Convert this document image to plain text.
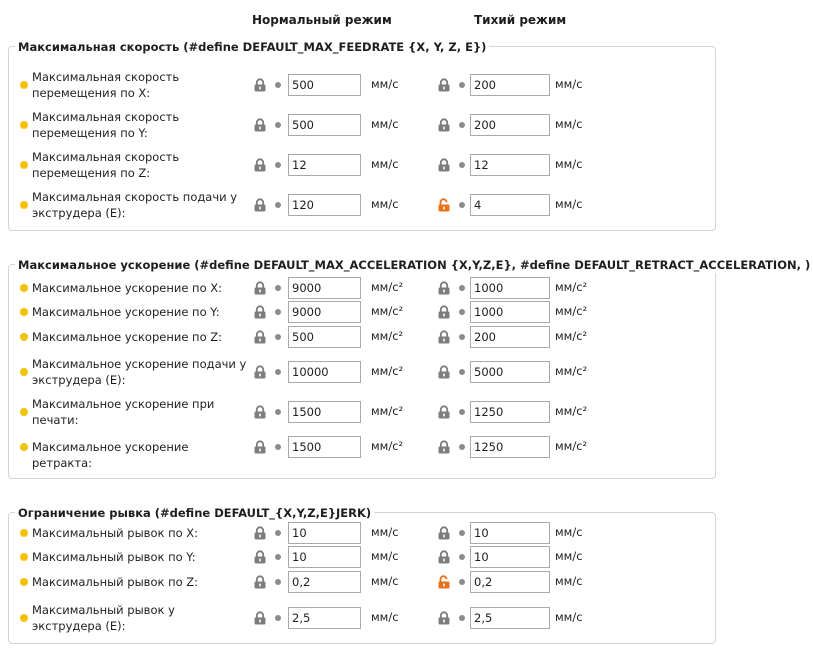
Нормальный режим	Тихий режим
Максимальная скорость (#define DEFAULT_MAX_FEEDRATE {X, Y, Z, E})
Максимальная скорость перемещения по X:
500
мм/с
200	мм/с
Максимальная скорость перемещения по Y:
500
мм/с
200	мм/с
Максимальная скорость перемещения по Z:
12
мм/с
12	мм/с
Максимальная скорость подачи у экструдера (E):
120
мм/с
4	мм/с
Максимальное ускорение (#define DEFAULT_MAX_ACCELERATION {X,Y,Z,E}, #define DEFAULT_RETRACT_ACCELERATION, )
Максимальное ускорение по X:
9000	мм/с²
1000	мм/с²
Максимальное ускорение по Y:
9000	мм/с²
1000	мм/с²
Максимальное ускорение по Z:
500	мм/с²
200	мм/с²
Максимальное ускорение подачи у экструдера (E):
10000
мм/с²
5000	мм/с²
Максимальное ускорение при печати:
1500
мм/с²
1250	мм/с²
Максимальное ускорение ретракта:
1500
мм/с²
1250	мм/с²
Ограничение рывка (#define DEFAULT_{X,Y,Z,E}JERK)
Максимальный рывок по X:
10	мм/с
10	мм/с
Максимальный рывок по Y:
10	мм/с
10	мм/с
Максимальный рывок по Z:
0,2	мм/с
0,2	мм/с
Максимальный рывок у экструдера (E):
2,5
мм/с
2,5	мм/с
